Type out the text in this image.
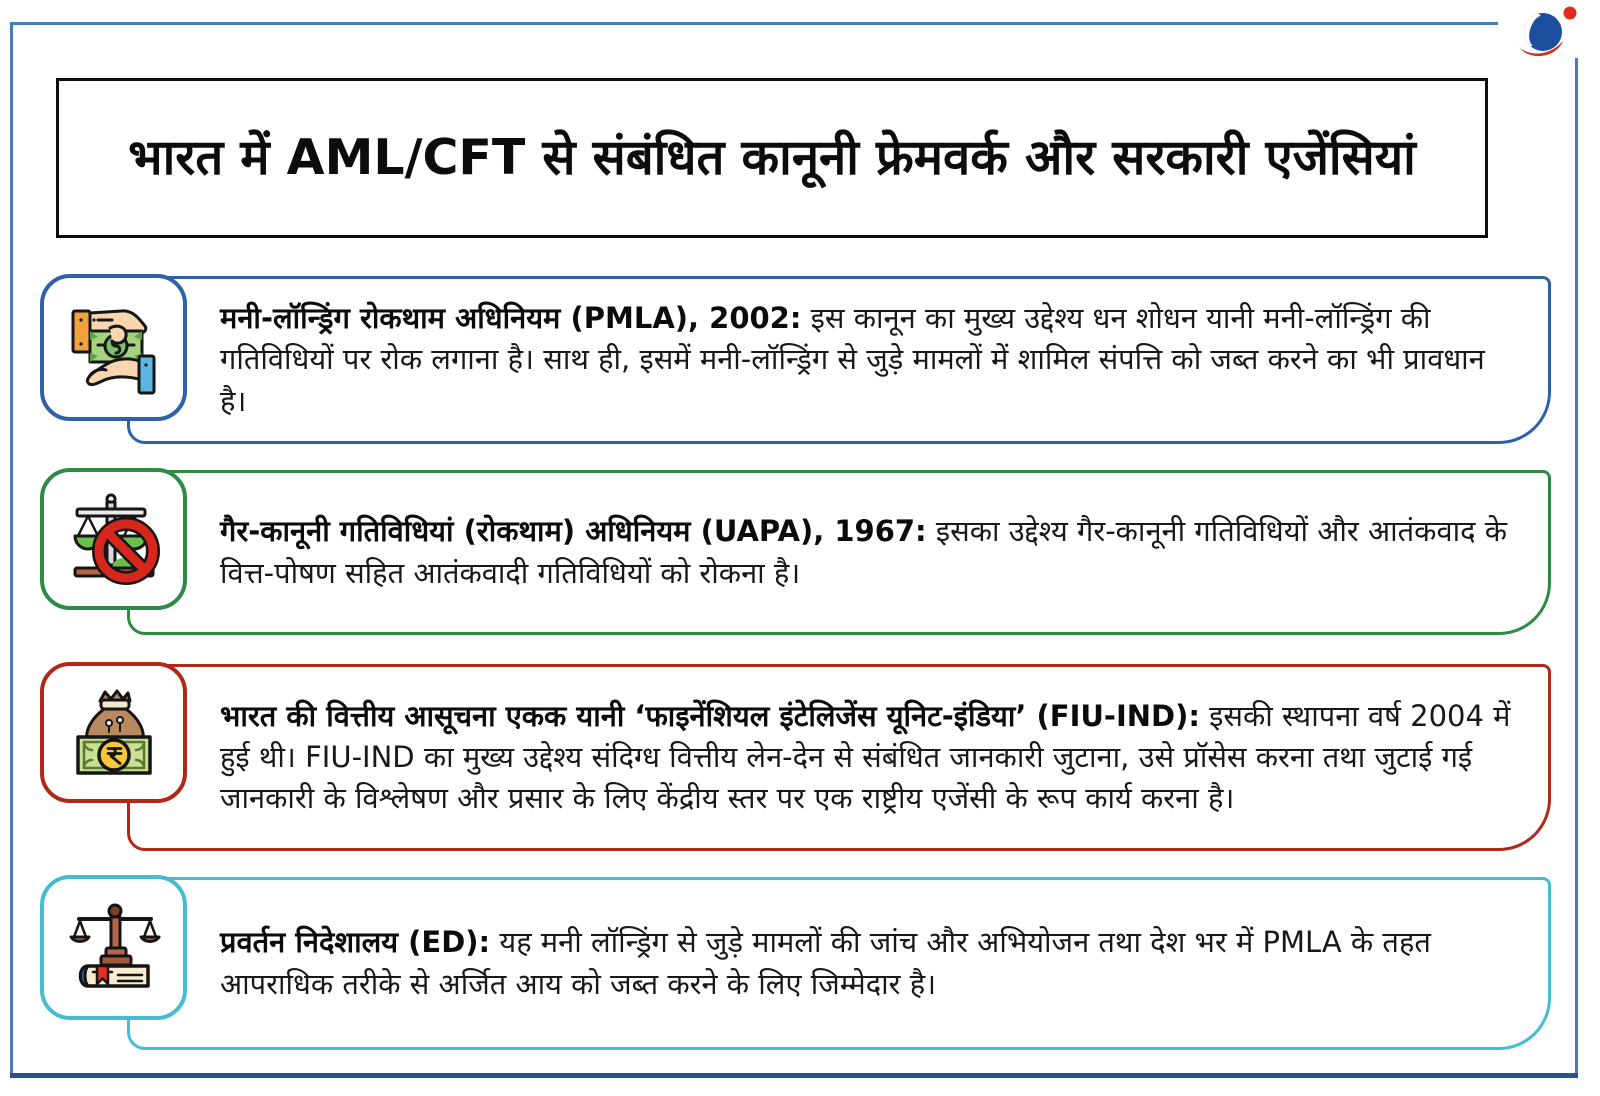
भारत में AML/CFT से संबंधित कानूनी फ्रेमवर्क और सरकारी एजेंसियां

मनी-लॉन्ड्रिंग रोकथाम अधिनियम (PMLA), 2002: इस कानून का मुख्य उद्देश्य धन शोधन यानी मनी-लॉन्ड्रिंग की गतिविधियों पर रोक लगाना है। साथ ही, इसमें मनी-लॉन्ड्रिंग से जुड़े मामलों में शामिल संपत्ति को जब्त करने का भी प्रावधान है।

गैर-कानूनी गतिविधियां (रोकथाम) अधिनियम (UAPA), 1967: इसका उद्देश्य गैर-कानूनी गतिविधियों और आतंकवाद के वित्त-पोषण सहित आतंकवादी गतिविधियों को रोकना है।

भारत की वित्तीय आसूचना एकक यानी ‘फाइनेंशियल इंटेलिजेंस यूनिट-इंडिया’ (FIU-IND): इसकी स्थापना वर्ष 2004 में हुई थी। FIU-IND का मुख्य उद्देश्य संदिग्ध वित्तीय लेन-देन से संबंधित जानकारी जुटाना, उसे प्रॉसेस करना तथा जुटाई गई जानकारी के विश्लेषण और प्रसार के लिए केंद्रीय स्तर पर एक राष्ट्रीय एजेंसी के रूप कार्य करना है।

प्रवर्तन निदेशालय (ED): यह मनी लॉन्ड्रिंग से जुड़े मामलों की जांच और अभियोजन तथा देश भर में PMLA के तहत आपराधिक तरीके से अर्जित आय को जब्त करने के लिए जिम्मेदार है।
